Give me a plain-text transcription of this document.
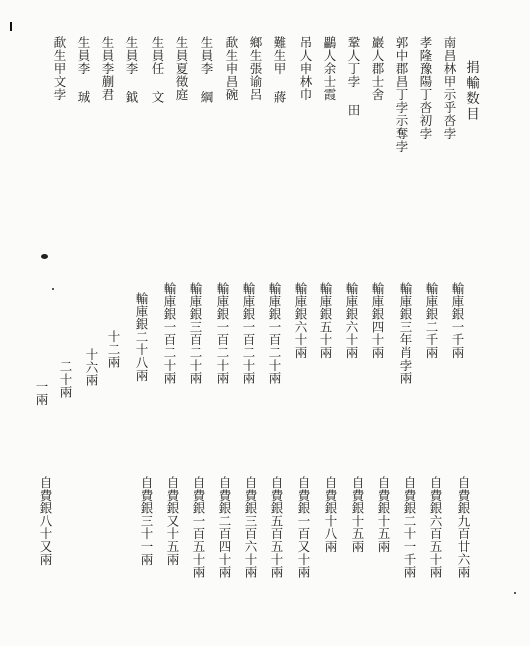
捐輸数目
南昌林甲示乎呇孛
孝隆豫陽丁呇初孛
郭中郡昌丁孛示奪孛
巖人郡士舍
鞏人丁孛 田
鸓人余士霞
吊人申林巾
難生甲 蔣
鄉生張谕呂
歃生申昌碗
生員李 綱
生員夏徵庭
生員任 文
生員李 鉞
生員李蒯君
生員李 珹
歃生甲文孛
輸庫銀一千兩
輸庫銀二千兩
輸庫銀三年肖孛兩
輸庫銀四十兩
輸庫銀六十兩
輸庫銀五十兩
輸庫銀六十兩
輸庫銀一百二十兩
輸庫銀一百二十兩
輸庫銀一百二十兩
輸庫銀三百二十兩
輸庫銀一百二十兩
輸庫銀二十八兩
十二兩
十六兩
二十兩
一兩
自費銀九百廿六兩
自費銀六百五十兩
自費銀二十一千兩
自費銀十五兩
自費銀十五兩
自費銀十八兩
自費銀一百又十兩
自費銀五百五十兩
自費銀三百六十兩
自費銀二百四十兩
自費銀一百五十兩
自費銀又十五兩
自費銀三十一兩
自費銀八十又兩
